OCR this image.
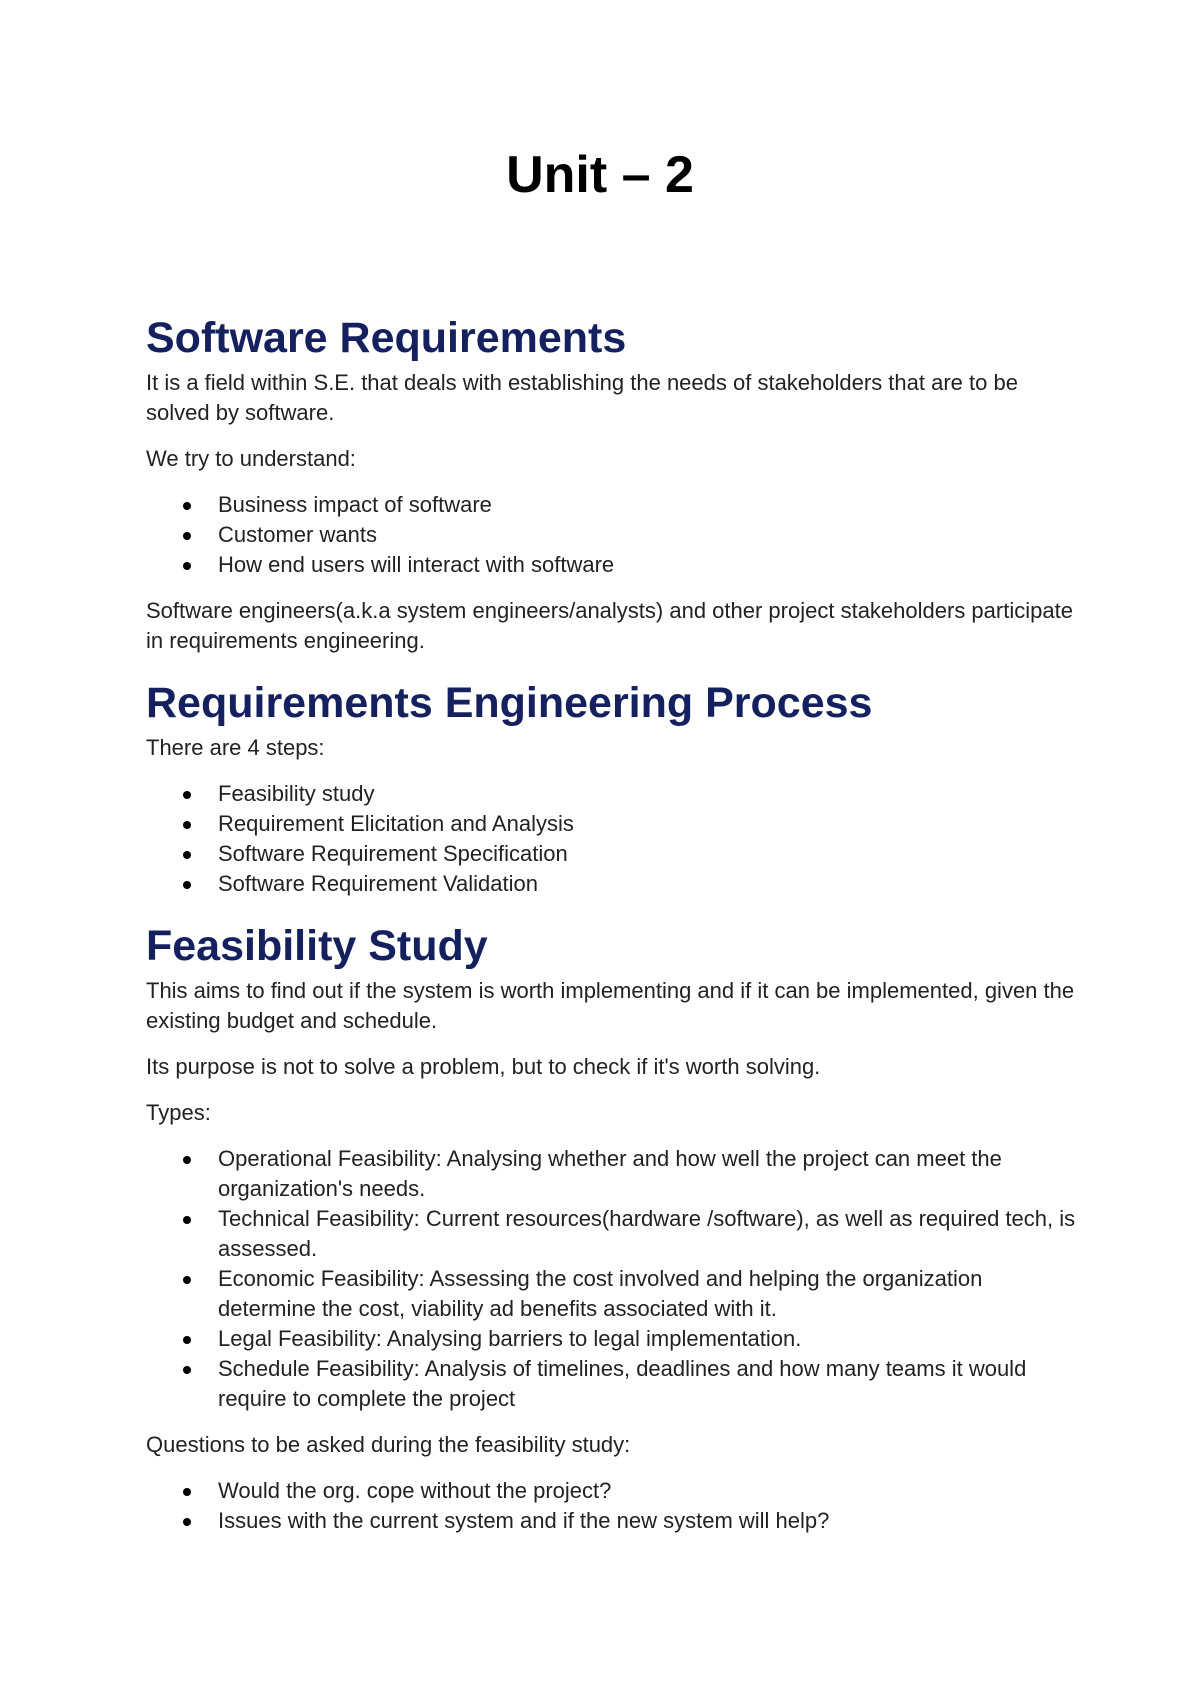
Unit – 2
Software Requirements

It is a field within S.E. that deals with establishing the needs of stakeholders that are to be solved by software.

We try to understand:

Business impact of software
Customer wants
How end users will interact with software

Software engineers(a.k.a system engineers/analysts) and other project stakeholders participate in requirements engineering.

Requirements Engineering Process

There are 4 steps:

Feasibility study
Requirement Elicitation and Analysis
Software Requirement Specification
Software Requirement Validation
Feasibility Study

This aims to find out if the system is worth implementing and if it can be implemented, given the existing budget and schedule.

Its purpose is not to solve a problem, but to check if it's worth solving.

Types:

Operational Feasibility: Analysing whether and how well the project can meet the organization's needs.
Technical Feasibility: Current resources(hardware /software), as well as required tech, is assessed.
Economic Feasibility: Assessing the cost involved and helping the organization determine the cost, viability ad benefits associated with it.
Legal Feasibility: Analysing barriers to legal implementation.
Schedule Feasibility: Analysis of timelines, deadlines and how many teams it would require to complete the project

Questions to be asked during the feasibility study:

Would the org. cope without the project?
Issues with the current system and if the new system will help?
